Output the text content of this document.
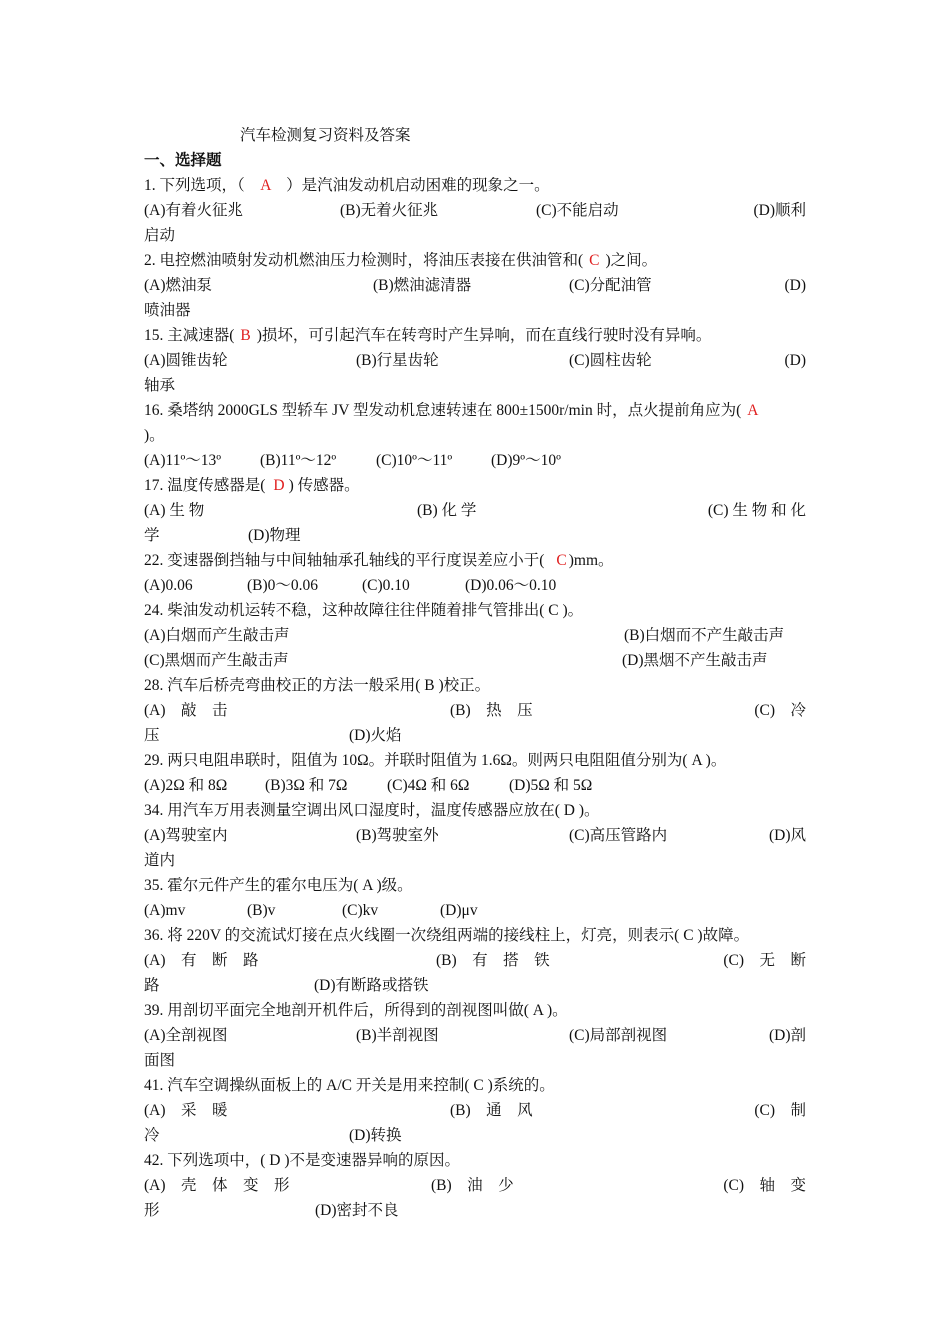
汽车检测复习资料及答案
一、选择题
1. 下列选项，（　A　）是汽油发动机启动困难的现象之一。
(A)有着火征兆	(B)无着火征兆	(C)不能启动	(D)顺利
启动
2. 电控燃油喷射发动机燃油压力检测时，将油压表接在供油管和( C )之间。
(A)燃油泵	(B)燃油滤清器	(C)分配油管	(D)
喷油器
15. 主减速器( B )损坏，可引起汽车在转弯时产生异响，而在直线行驶时没有异响。
(A)圆锥齿轮	(B)行星齿轮	(C)圆柱齿轮	(D)
轴承
16. 桑塔纳 2000GLS 型轿车 JV 型发动机怠速转速在 800±1500r/min 时，点火提前角应为( A
)。
(A)11º～13º	(B)11º～12º	(C)10º～11º	(D)9º～10º
17. 温度传感器是( D ) 传感器。
(A) 生 物	(B) 化 学	(C) 生 物 和 化
学	(D)物理
22. 变速器倒挡轴与中间轴轴承孔轴线的平行度误差应小于( C )mm。
(A)0.06	(B)0～0.06	(C)0.10	(D)0.06～0.10
24. 柴油发动机运转不稳，这种故障往往伴随着排气管排出( C )。
(A)白烟而产生敲击声	(B)白烟而不产生敲击声
(C)黑烟而产生敲击声	(D)黑烟不产生敲击声
28. 汽车后桥壳弯曲校正的方法一般采用( B )校正。
(A)　敲　击	(B)　热　压	(C)　冷
压	(D)火焰
29. 两只电阻串联时，阻值为 10Ω。并联时阻值为 1.6Ω。则两只电阻阻值分别为( A )。
(A)2Ω 和 8Ω (B)3Ω 和 7Ω	(C)4Ω 和 6Ω	(D)5Ω 和 5Ω
34. 用汽车万用表测量空调出风口湿度时，温度传感器应放在( D )。
(A)驾驶室内	(B)驾驶室外	(C)高压管路内	(D)风
道内
35. 霍尔元件产生的霍尔电压为( A )级。
(A)mv	(B)v	(C)kv	(D)μv
36. 将 220V 的交流试灯接在点火线圈一次绕组两端的接线柱上，灯亮，则表示( C )故障。
(A)　有　断　路	(B)　有　搭　铁	(C)　无　断
路	(D)有断路或搭铁
39. 用剖切平面完全地剖开机件后，所得到的剖视图叫做( A )。
(A)全剖视图	(B)半剖视图	(C)局部剖视图	(D)剖
面图
41. 汽车空调操纵面板上的 A/C 开关是用来控制( C )系统的。
(A)　采　暖	(B)　通　风	(C)　制
冷	(D)转换
42. 下列选项中，( D )不是变速器异响的原因。
(A)　壳　体　变　形	(B)　油　少	(C)　轴　变
形	(D)密封不良
